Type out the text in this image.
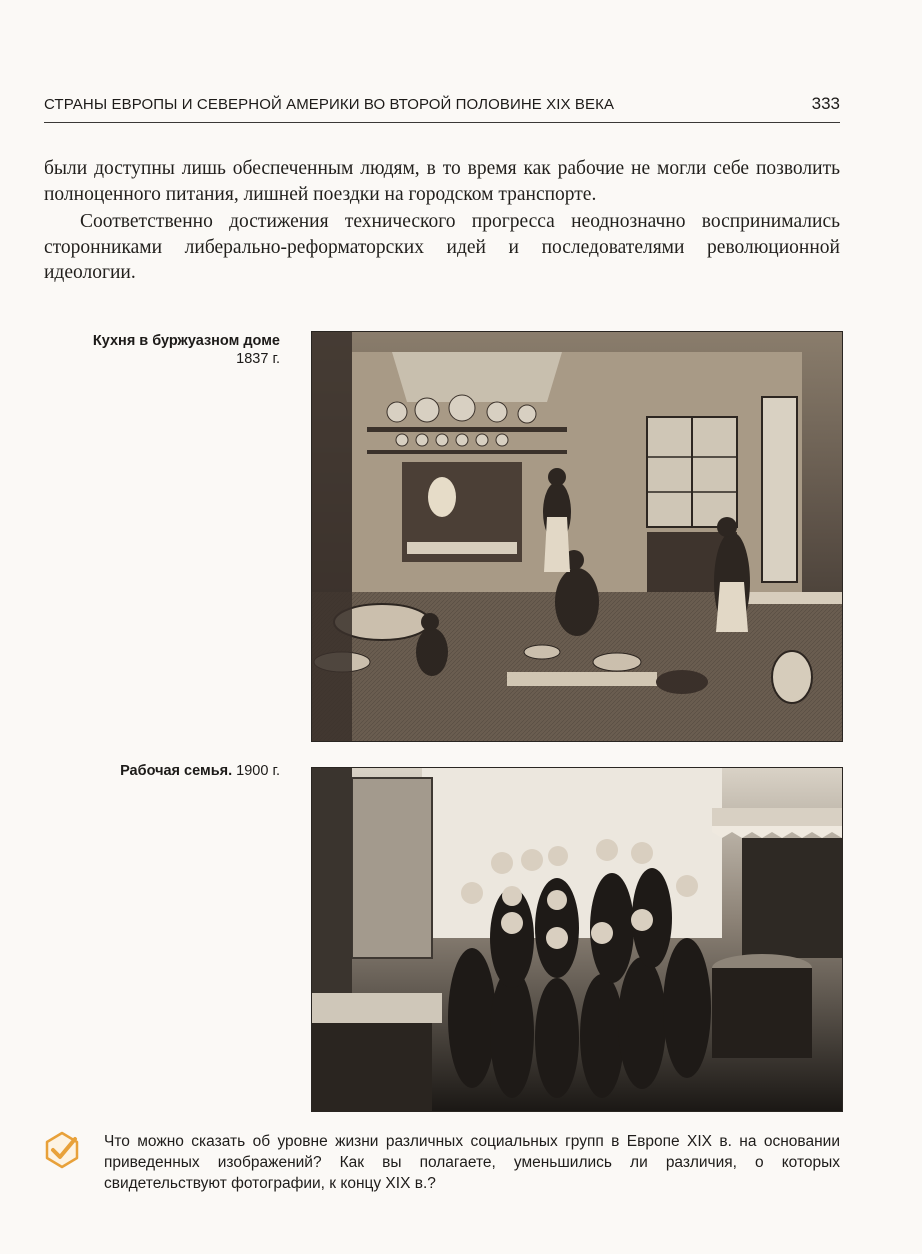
СТРАНЫ ЕВРОПЫ И СЕВЕРНОЙ АМЕРИКИ ВО ВТОРОЙ ПОЛОВИНЕ XIX ВЕКА	333

были доступны лишь обеспеченным людям, в то время как рабочие не могли себе позволить полноценного питания, лишней поездки на городском транспорте.

Соответственно достижения технического прогресса неоднозначно воспринимались сторонниками либерально-реформаторских идей и последователями революционной идеологии.

Кухня в буржуазном доме
1837 г.
Рабочая семья. 1900 г.
Что можно сказать об уровне жизни различных социальных групп в Европе XIX в. на основании приведенных изображений? Как вы полагаете, уменьшились ли различия, о которых свидетельствуют фотографии, к концу XIX в.?
